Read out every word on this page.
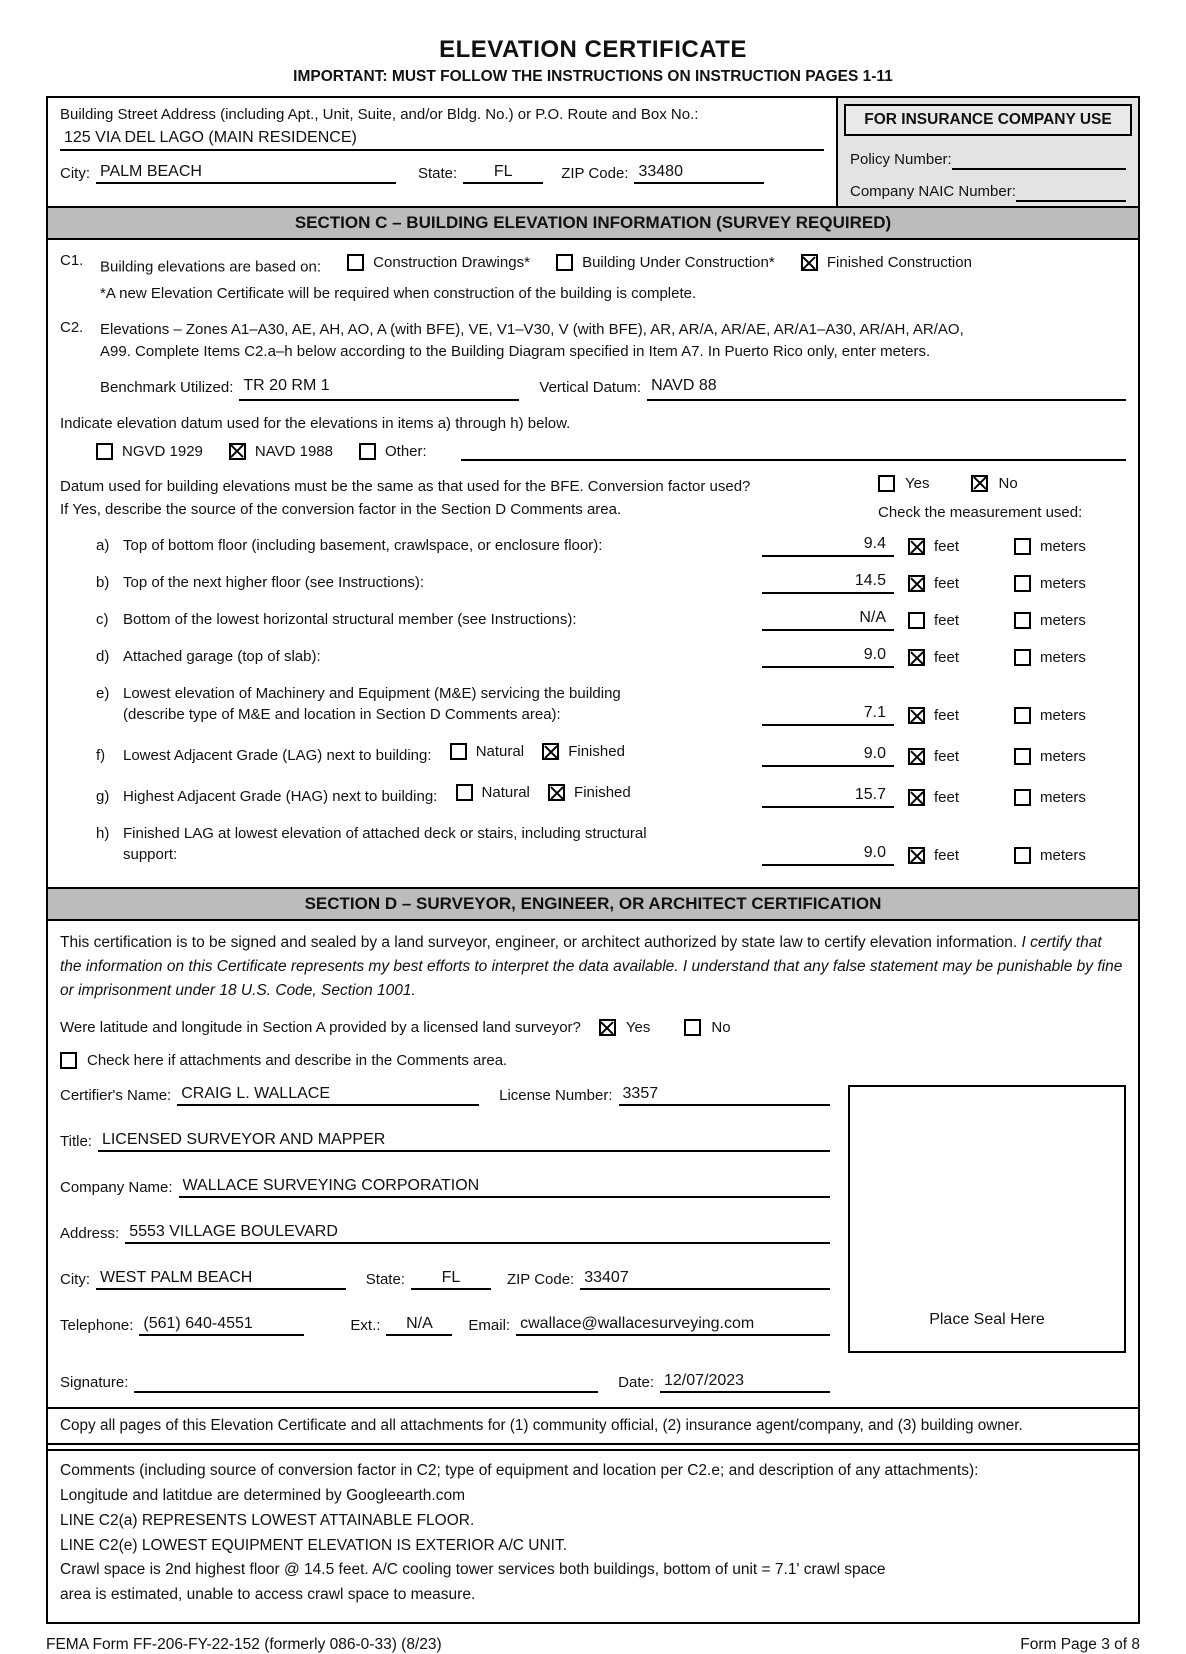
ELEVATION CERTIFICATE
IMPORTANT: MUST FOLLOW THE INSTRUCTIONS ON INSTRUCTION PAGES 1-11
Building Street Address (including Apt., Unit, Suite, and/or Bldg. No.) or P.O. Route and Box No.:
125 VIA DEL LAGO (MAIN RESIDENCE)
City: PALM BEACH	State:	FL	ZIP Code: 33480
FOR INSURANCE COMPANY USE
Policy Number:
Company NAIC Number:
SECTION C – BUILDING ELEVATION INFORMATION (SURVEY REQUIRED)
C1.	Building elevations are based on:	Construction Drawings*
	Building Under Construction*
	Finished Construction
*A new Elevation Certificate will be required when construction of the building is complete.
C2.	Elevations – Zones A1–A30, AE, AH, AO, A (with BFE), VE, V1–V30, V (with BFE), AR, AR/A, AR/AE, AR/A1–A30, AR/AH, AR/AO,
A99. Complete Items C2.a–h below according to the Building Diagram specified in Item A7. In Puerto Rico only, enter meters.
Benchmark Utilized: TR 20 RM 1	Vertical Datum: NAVD 88
Indicate elevation datum used for the elevations in items a) through h) below.
NGVD 1929	NAVD 1988	Other:
Datum used for building elevations must be the same as that used for the BFE. Conversion factor used?
If Yes, describe the source of the conversion factor in the Section D Comments area.
Yes	No
Check the measurement used:
a) Top of bottom floor (including basement, crawlspace, or enclosure floor):	9.4	feet	meters
b) Top of the next higher floor (see Instructions):	14.5	feet	meters
c) Bottom of the lowest horizontal structural member (see Instructions):	N/A	feet	meters
d) Attached garage (top of slab):	9.0	feet	meters
e) Lowest elevation of Machinery and Equipment (M&E) servicing the building
(describe type of M&E and location in Section D Comments area):	7.1	feet	meters
f) Lowest Adjacent Grade (LAG) next to building:	Natural
	Finished	9.0	feet	meters
g) Highest Adjacent Grade (HAG) next to building:	Natural
	Finished	15.7	feet	meters
h) Finished LAG at lowest elevation of attached deck or stairs, including structural
support:	9.0	feet	meters
SECTION D – SURVEYOR, ENGINEER, OR ARCHITECT CERTIFICATION
This certification is to be signed and sealed by a land surveyor, engineer, or architect authorized by state law to certify elevation information. I certify that the information on this Certificate represents my best efforts to interpret the data available. I understand that any false statement may be punishable by fine or imprisonment under 18 U.S. Code, Section 1001.
Were latitude and longitude in Section A provided by a licensed land surveyor?	Yes	No
Check here if attachments and describe in the Comments area.
Certifier's Name: CRAIG L. WALLACE	License Number: 3357
Title: LICENSED SURVEYOR AND MAPPER
Company Name: WALLACE SURVEYING CORPORATION
Address: 5553 VILLAGE BOULEVARD
City: WEST PALM BEACH	State:	FL	ZIP Code: 33407
Telephone: (561) 640-4551	Ext.:	N/A	Email: cwallace@wallacesurveying.com
Signature:	Date: 12/07/2023
Place Seal Here
Copy all pages of this Elevation Certificate and all attachments for (1) community official, (2) insurance agent/company, and (3) building owner.
Comments (including source of conversion factor in C2; type of equipment and location per C2.e; and description of any attachments):
Longitude and latitdue are determined by Googleearth.com
LINE C2(a) REPRESENTS LOWEST ATTAINABLE FLOOR.
LINE C2(e) LOWEST EQUIPMENT ELEVATION IS EXTERIOR A/C UNIT.
Crawl space is 2nd highest floor @ 14.5 feet. A/C cooling tower services both buildings, bottom of unit = 7.1' crawl space
area is estimated, unable to access crawl space to measure.
FEMA Form FF-206-FY-22-152 (formerly 086-0-33) (8/23)	Form Page 3 of 8
